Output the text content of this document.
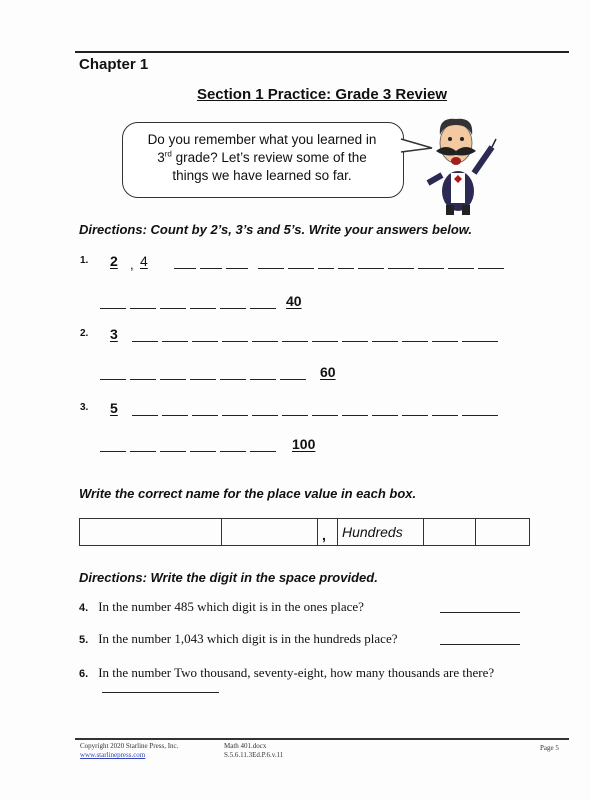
Chapter 1
Section 1 Practice: Grade 3 Review
Do you remember what you learned in
3rd grade? Let’s review some of the
things we have learned so far.
Directions: Count by 2’s, 3’s and 5’s. Write your answers below.
1. 2 , 4
40
2. 3
60
3. 5
100
Write the correct name for the place value in each box.
,	Hundreds
Directions: Write the digit in the space provided.
4. In the number 485 which digit is in the ones place?
5. In the number 1,043 which digit is in the hundreds place?
6. In the number Two thousand, seventy-eight, how many thousands are there?
Copyright 2020 Starline Press, Inc.
www.starlinepress.com
Math 401.docx
S.5.6.11.3Ed.P.6.v.11
Page 5
